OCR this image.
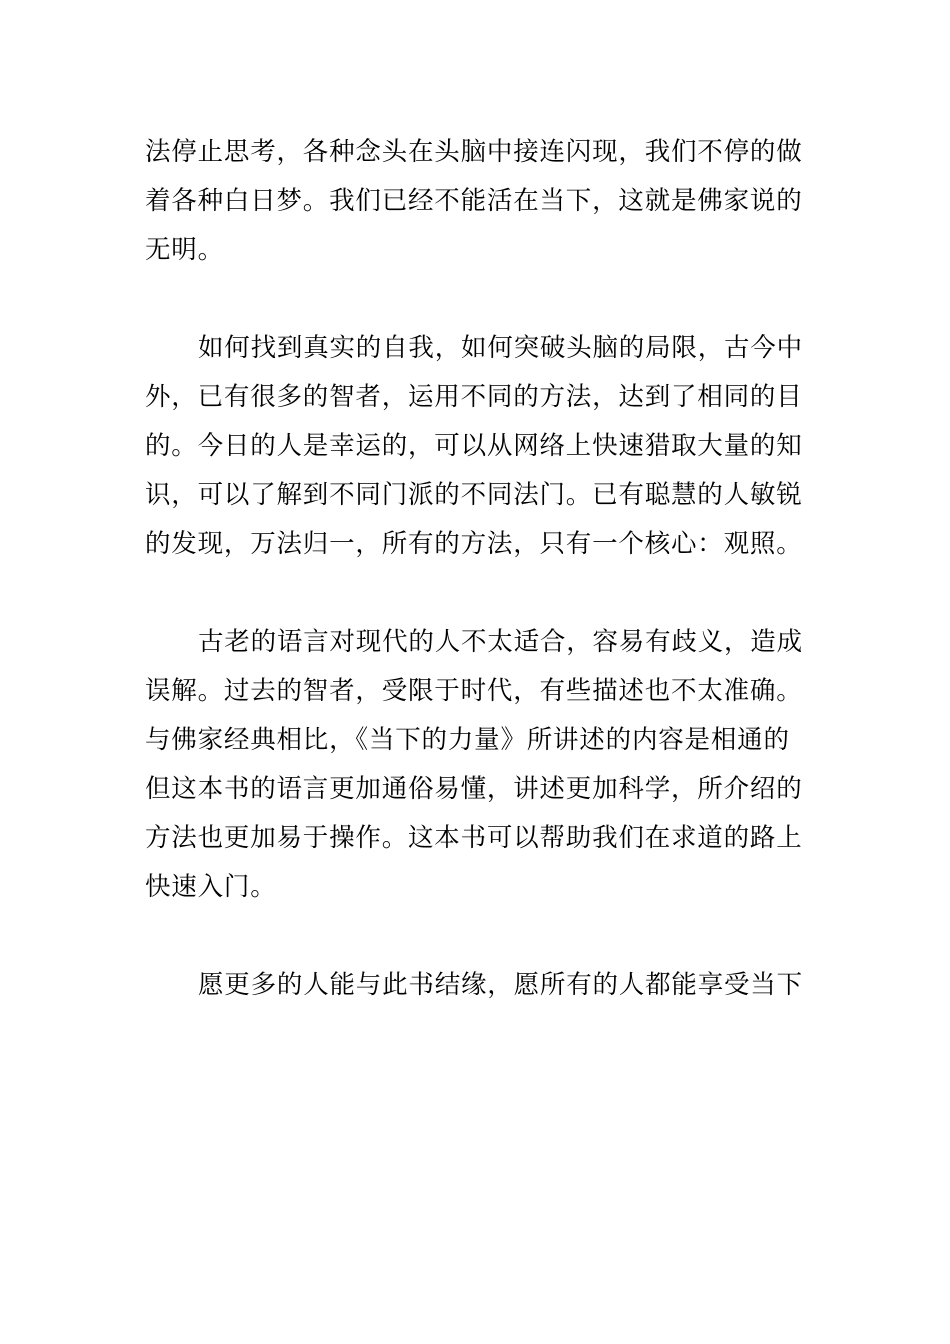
法停止思考，各种念头在头脑中接连闪现，我们不停的做
着各种白日梦。我们已经不能活在当下，这就是佛家说的
无明。
如何找到真实的自我，如何突破头脑的局限，古今中
外，已有很多的智者，运用不同的方法，达到了相同的目
的。今日的人是幸运的，可以从网络上快速猎取大量的知
识，可以了解到不同门派的不同法门。已有聪慧的人敏锐
的发现，万法归一，所有的方法，只有一个核心：观照。
古老的语言对现代的人不太适合，容易有歧义，造成
误解。过去的智者，受限于时代，有些描述也不太准确。
与佛家经典相比，《当下的力量》所讲述的内容是相通的
但这本书的语言更加通俗易懂，讲述更加科学，所介绍的
方法也更加易于操作。这本书可以帮助我们在求道的路上
快速入门。
愿更多的人能与此书结缘，愿所有的人都能享受当下
